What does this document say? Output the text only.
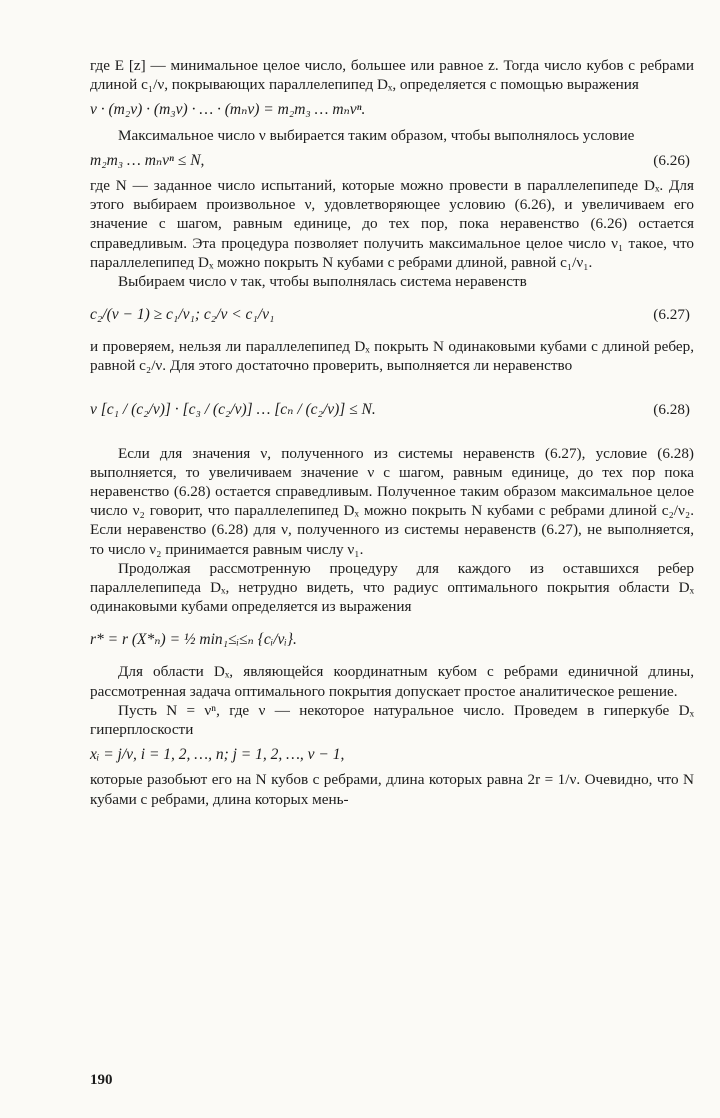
где E [z] — минимальное целое число, большее или равное z. Тогда число кубов с ребрами длиной c₁/ν, покрывающих параллелепипед Dₓ, определяется с помощью выражения

ν · (m₂ν) · (m₃ν) · … · (mₙν) = m₂m₃ … mₙνⁿ.

Максимальное число ν выбирается таким образом, чтобы выполнялось условие

m₂m₃ … mₙνⁿ ≤ N,	(6.26)

где N — заданное число испытаний, которые можно провести в параллелепипеде Dₓ. Для этого выбираем произвольное ν, удовлетворяющее условию (6.26), и увеличиваем его значение с шагом, равным единице, до тех пор, пока неравенство (6.26) остается справедливым. Эта процедура позволяет получить максимальное целое число ν₁ такое, что параллелепипед Dₓ можно покрыть N кубами с ребрами длиной, равной c₁/ν₁.

Выбираем число ν так, чтобы выполнялась система неравенств

c₂/(ν − 1) ≥ c₁/ν₁; c₂/ν < c₁/ν₁	(6.27)

и проверяем, нельзя ли параллелепипед Dₓ покрыть N одинаковыми кубами с длиной ребер, равной c₂/ν. Для этого достаточно проверить, выполняется ли неравенство

ν [c₁ / (c₂/ν)] · [c₃ / (c₂/ν)] … [cₙ / (c₂/ν)] ≤ N.	(6.28)

Если для значения ν, полученного из системы неравенств (6.27), условие (6.28) выполняется, то увеличиваем значение ν с шагом, равным единице, до тех пор пока неравенство (6.28) остается справедливым. Полученное таким образом максимальное целое число ν₂ говорит, что параллелепипед Dₓ можно покрыть N кубами с ребрами длиной c₂/ν₂. Если неравенство (6.28) для ν, полученного из системы неравенств (6.27), не выполняется, то число ν₂ принимается равным числу ν₁.

Продолжая рассмотренную процедуру для каждого из оставшихся ребер параллелепипеда Dₓ, нетрудно видеть, что радиус оптимального покрытия области Dₓ одинаковыми кубами определяется из выражения

r* = r (X*ₙ) = ½ min₁≤ᵢ≤ₙ {cᵢ/νᵢ}.

Для области Dₓ, являющейся координатным кубом с ребрами единичной длины, рассмотренная задача оптимального покрытия допускает простое аналитическое решение.

Пусть N = νⁿ, где ν — некоторое натуральное число. Проведем в гиперкубе Dₓ гиперплоскости

xᵢ = j/ν, i = 1, 2, …, n; j = 1, 2, …, ν − 1,

которые разобьют его на N кубов с ребрами, длина которых равна 2r = 1/ν. Очевидно, что N кубами с ребрами, длина которых мень-

190
